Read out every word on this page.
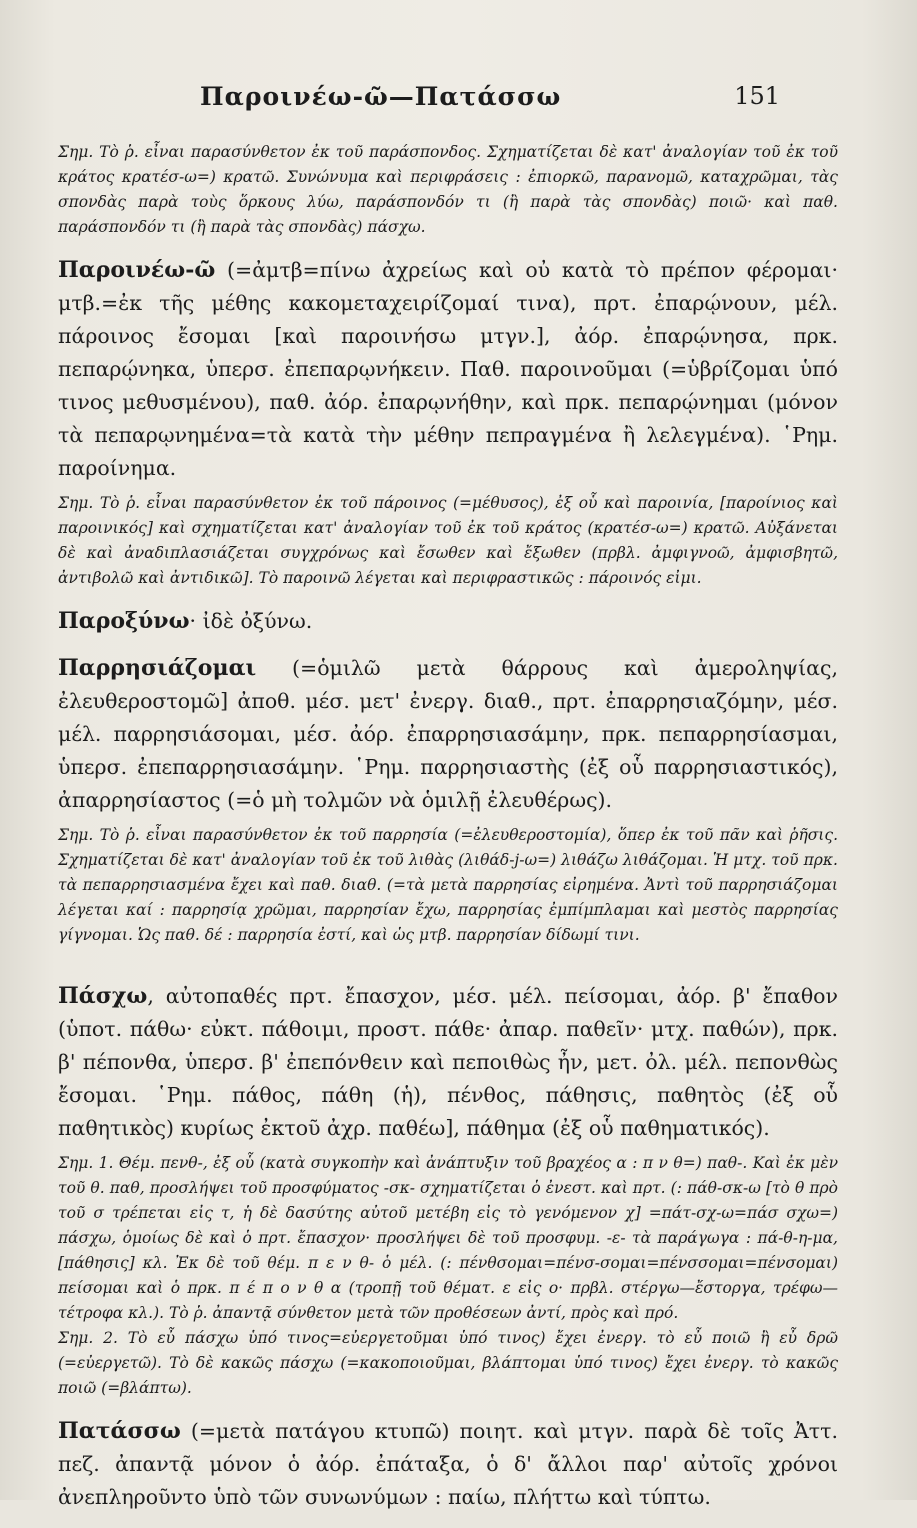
Παροινέω-ῶ—Πατάσσω	151

Σημ. Τὸ ῥ. εἶναι παρασύνθετον ἐκ τοῦ παράσπονδος. Σχηματίζεται δὲ κατ' ἀναλογίαν τοῦ ἐκ τοῦ κράτος κρατέσ-ω=) κρατῶ. Συνώνυμα καὶ περιφράσεις : ἐπιορκῶ, παρανομῶ, καταχρῶμαι, τὰς σπονδὰς παρὰ τοὺς ὅρκους λύω, παράσπονδόν τι (ἢ παρὰ τὰς σπονδὰς) ποιῶ· καὶ παθ. παράσπονδόν τι (ἢ παρὰ τὰς σπονδὰς) πάσχω.

Παροινέω-ῶ (=ἀμτβ=πίνω ἀχρείως καὶ οὐ κατὰ τὸ πρέπον φέρομαι· μτβ.=ἐκ τῆς μέθης κακομεταχειρίζομαί τινα), πρτ. ἐπαρῴνουν, μέλ. πάροινος ἔσομαι [καὶ παροινήσω μτγν.], ἀόρ. ἐπαρῴνησα, πρκ. πεπαρῴνηκα, ὑπερσ. ἐπεπαρῳνήκειν. Παθ. παροινοῦμαι (=ὑβρίζομαι ὑπό τινος μεθυσμένου), παθ. ἀόρ. ἐπαρῳνήθην, καὶ πρκ. πεπαρῴνημαι (μόνον τὰ πεπαρῳνημένα=τὰ κατὰ τὴν μέθην πεπραγμένα ἢ λελεγμένα). ῾Ρημ. παροίνημα.

Σημ. Τὸ ῥ. εἶναι παρασύνθετον ἐκ τοῦ πάροινος (=μέθυσος), ἐξ οὗ καὶ παροινία, [παροίνιος καὶ παροινικός] καὶ σχηματίζεται κατ' ἀναλογίαν τοῦ ἐκ τοῦ κράτος (κρατέσ-ω=) κρατῶ. Αὐξάνεται δὲ καὶ ἀναδιπλασιάζεται συγχρόνως καὶ ἔσωθεν καὶ ἔξωθεν (πρβλ. ἀμφιγνοῶ, ἀμφισβητῶ, ἀντιβολῶ καὶ ἀντιδικῶ]. Τὸ παροινῶ λέγεται καὶ περιφραστικῶς : πάροινός εἰμι.

Παροξύνω· ἰδὲ ὀξύνω.

Παρρησιάζομαι (=ὁμιλῶ μετὰ θάρρους καὶ ἀμεροληψίας, ἐλευθεροστομῶ] ἀποθ. μέσ. μετ' ἐνεργ. διαθ., πρτ. ἐπαρρησιαζόμην, μέσ. μέλ. παρρησιάσομαι, μέσ. ἀόρ. ἐπαρρησιασάμην, πρκ. πεπαρρησίασμαι, ὑπερσ. ἐπεπαρρησιασάμην. ῾Ρημ. παρρησιαστὴς (ἐξ οὗ παρρησιαστικός), ἀπαρρησίαστος (=ὁ μὴ τολμῶν νὰ ὁμιλῇ ἐλευθέρως).

Σημ. Τὸ ῥ. εἶναι παρασύνθετον ἐκ τοῦ παρρησία (=ἐλευθεροστομία), ὅπερ ἐκ τοῦ πᾶν καὶ ῥῆσις. Σχηματίζεται δὲ κατ' ἀναλογίαν τοῦ ἐκ τοῦ λιθὰς (λιθάδ-j-ω=) λιθάζω λιθάζομαι. Ἡ μτχ. τοῦ πρκ. τὰ πεπαρρησιασμένα ἔχει καὶ παθ. διαθ. (=τὰ μετὰ παρρησίας εἰρημένα. Ἀντὶ τοῦ παρρησιάζομαι λέγεται καί : παρρησίᾳ χρῶμαι, παρρησίαν ἔχω, παρρησίας ἐμπίμπλαμαι καὶ μεστὸς παρρησίας γίγνομαι. Ὡς παθ. δέ : παρρησία ἐστί, καὶ ὡς μτβ. παρρησίαν δίδωμί τινι.

Πάσχω, αὐτοπαθές πρτ. ἔπασχον, μέσ. μέλ. πείσομαι, ἀόρ. β' ἔπαθον (ὑποτ. πάθω· εὐκτ. πάθοιμι, προστ. πάθε· ἀπαρ. παθεῖν· μτχ. παθών), πρκ. β' πέπονθα, ὑπερσ. β' ἐπεπόνθειν καὶ πεποιθὼς ἦν, μετ. ὀλ. μέλ. πεπονθὼς ἔσομαι. ῾Ρημ. πάθος, πάθη (ἡ), πένθος, πάθησις, παθητὸς (ἐξ οὗ παθητικὸς) κυρίως ἐκτοῦ ἀχρ. παθέω], πάθημα (ἐξ οὗ παθηματικός).

Σημ. 1. Θέμ. πενθ-, ἐξ οὗ (κατὰ συγκοπὴν καὶ ἀνάπτυξιν τοῦ βραχέος α : π ν θ=) παθ-. Καὶ ἐκ μὲν τοῦ θ. παθ, προσλήψει τοῦ προσφύματος -σκ- σχηματίζεται ὁ ἐνεστ. καὶ πρτ. (: πάθ-σκ-ω [τὸ θ πρὸ τοῦ σ τρέπεται εἰς τ, ἡ δὲ δασύτης αὐτοῦ μετέβη εἰς τὸ γενόμενον χ] =πάτ-σχ-ω=πάσ σχω=) πάσχω, ὁμοίως δὲ καὶ ὁ πρτ. ἔπασχον· προσλήψει δὲ τοῦ προσφυμ. -ε- τὰ παράγωγα : πά-θ-η-μα, [πάθησις] κλ. Ἐκ δὲ τοῦ θέμ. π ε ν θ- ὁ μέλ. (: πένθσομαι=πένσ-σομαι=πένσσομαι=πένσομαι) πείσομαι καὶ ὁ πρκ. π έ π ο ν θ α (τροπῇ τοῦ θέματ. ε εἰς ο· πρβλ. στέργω—ἔστοργα, τρέφω—τέτροφα κλ.). Τὸ ῥ. ἀπαντᾷ σύνθετον μετὰ τῶν προθέσεων ἀντί, πρὸς καὶ πρό.

Σημ. 2. Τὸ εὖ πάσχω ὑπό τινος=εὐεργετοῦμαι ὑπό τινος) ἔχει ἐνεργ. τὸ εὖ ποιῶ ἢ εὖ δρῶ (=εὐεργετῶ). Τὸ δὲ κακῶς πάσχω (=κακοποιοῦμαι, βλάπτομαι ὑπό τινος) ἔχει ἐνεργ. τὸ κακῶς ποιῶ (=βλάπτω).

Πατάσσω (=μετὰ πατάγου κτυπῶ) ποιητ. καὶ μτγν. παρὰ δὲ τοῖς Ἀττ. πεζ. ἀπαντᾷ μόνον ὁ ἀόρ. ἐπάταξα, ὁ δ' ἄλλοι παρ' αὐτοῖς χρόνοι ἀνεπληροῦντο ὑπὸ τῶν συνωνύμων : παίω, πλήττω καὶ τύπτω.
